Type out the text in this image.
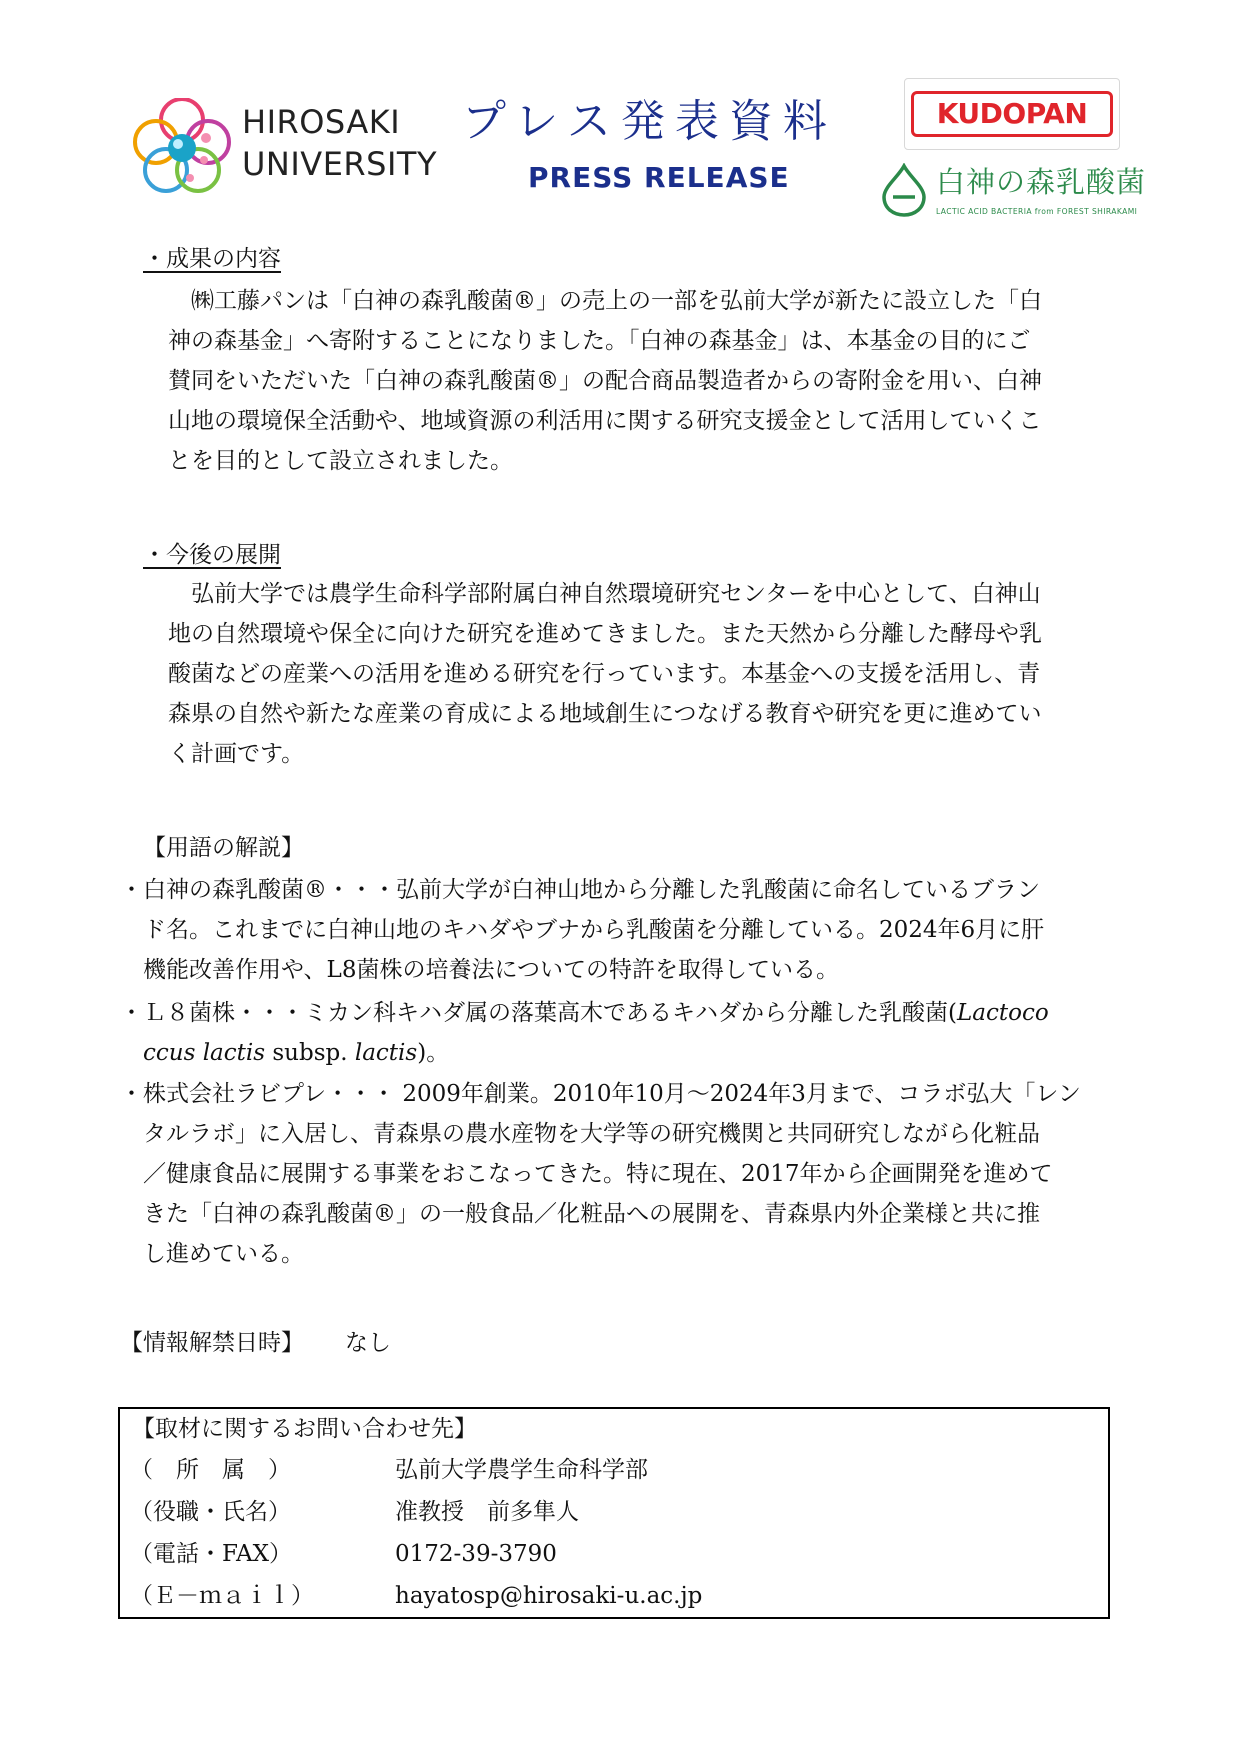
HIROSAKI
UNIVERSITY
プレス発表資料
PRESS RELEASE
KUDOPAN
白神の森乳酸菌
LACTIC ACID BACTERIA from FOREST SHIRAKAMI
・成果の内容
㈱工藤パンは「白神の森乳酸菌®」の売上の一部を弘前大学が新たに設立した「白
神の森基金」へ寄附することになりました。「白神の森基金」は、本基金の目的にご
賛同をいただいた「白神の森乳酸菌®」の配合商品製造者からの寄附金を用い、白神
山地の環境保全活動や、地域資源の利活用に関する研究支援金として活用していくこ
とを目的として設立されました。
・今後の展開
弘前大学では農学生命科学部附属白神自然環境研究センターを中心として、白神山
地の自然環境や保全に向けた研究を進めてきました。また天然から分離した酵母や乳
酸菌などの産業への活用を進める研究を行っています。本基金への支援を活用し、青
森県の自然や新たな産業の育成による地域創生につなげる教育や研究を更に進めてい
く計画です。
【用語の解説】
・白神の森乳酸菌®・・・弘前大学が白神山地から分離した乳酸菌に命名しているブラン
ド名。これまでに白神山地のキハダやブナから乳酸菌を分離している。2024年6月に肝
機能改善作用や、L8菌株の培養法についての特許を取得している。
・Ｌ８菌株・・・ミカン科キハダ属の落葉高木であるキハダから分離した乳酸菌(Lactoco
ccus lactis subsp. lactis)。
・株式会社ラビプレ・・・ 2009年創業。2010年10月～2024年3月まで、コラボ弘大「レン
タルラボ」に入居し、青森県の農水産物を大学等の研究機関と共同研究しながら化粧品
／健康食品に展開する事業をおこなってきた。特に現在、2017年から企画開発を進めて
きた「白神の森乳酸菌®」の一般食品／化粧品への展開を、青森県内外企業様と共に推
し進めている。
【情報解禁日時】 なし
【取材に関するお問い合わせ先】
（　所　属　）	弘前大学農学生命科学部
（役職・氏名）	准教授　前多隼人
（電話・FAX）	0172-39-3790
（Ｅ－ｍａｉｌ）	hayatosp@hirosaki-u.ac.jp
